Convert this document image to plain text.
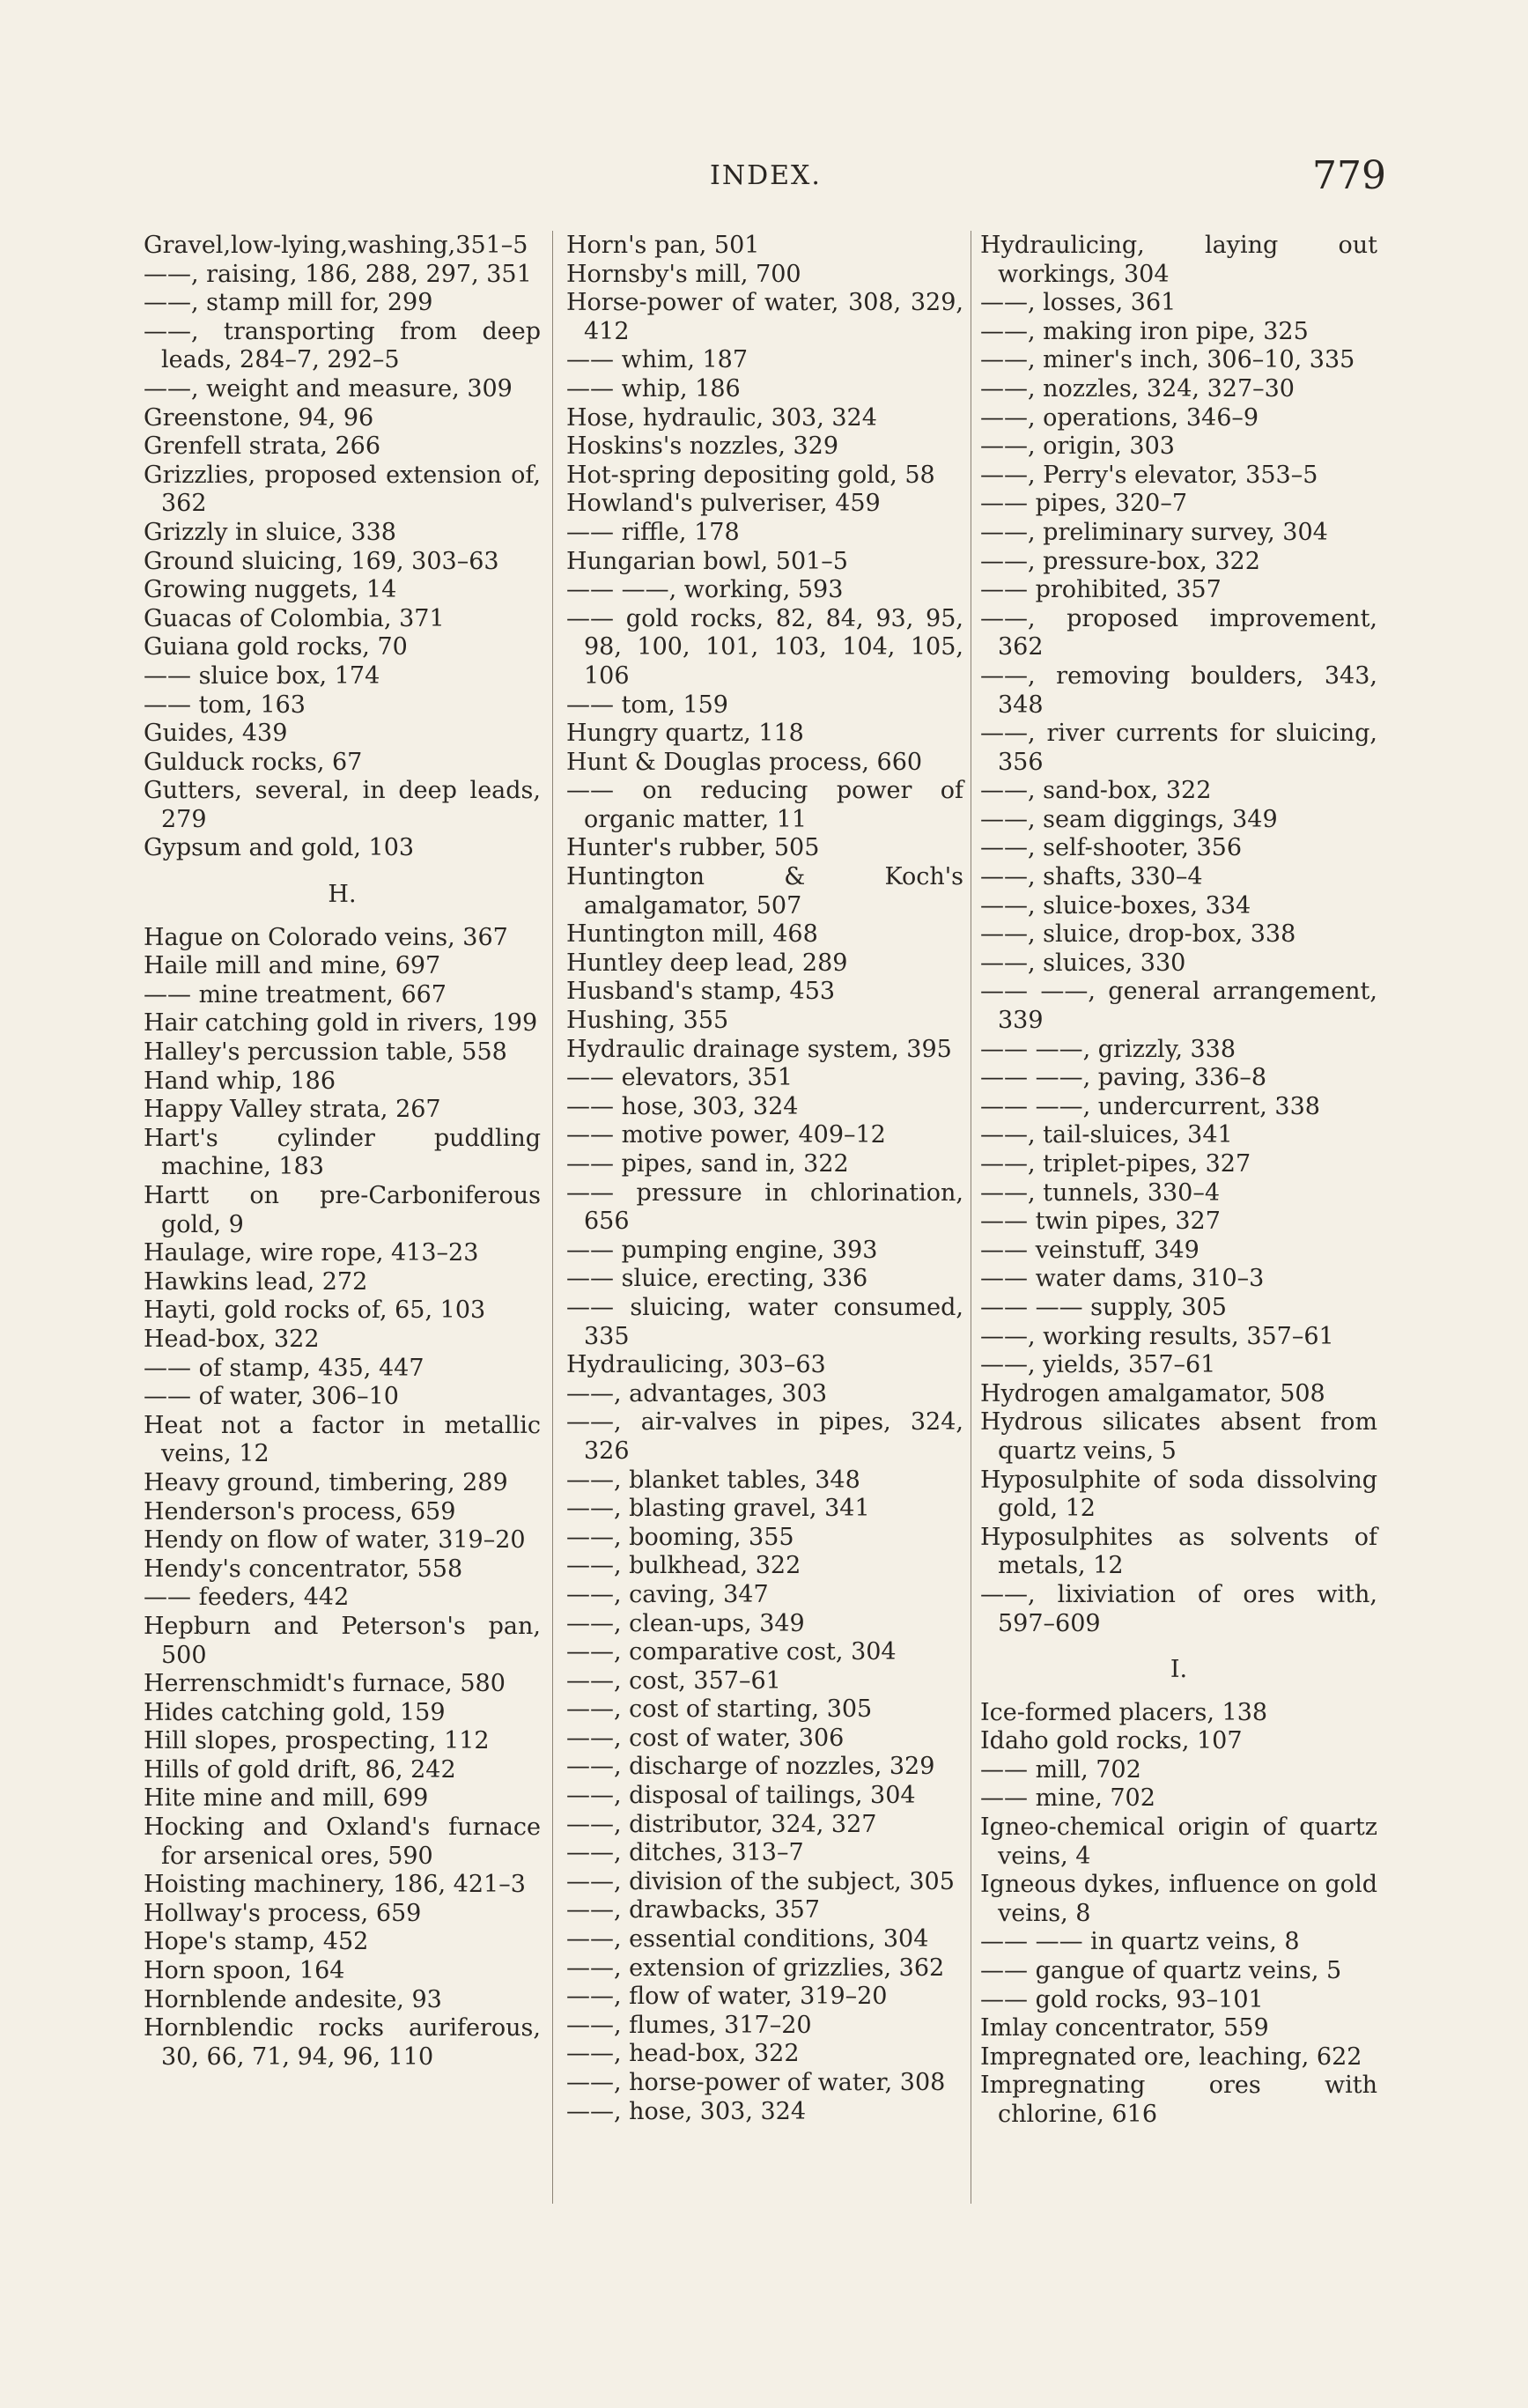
INDEX.	779
Gravel,low-lying,washing,351–5
——, raising, 186, 288, 297, 351
——, stamp mill for, 299
——, transporting from deep leads, 284–7, 292–5
——, weight and measure, 309
Greenstone, 94, 96
Grenfell strata, 266
Grizzlies, proposed extension of, 362
Grizzly in sluice, 338
Ground sluicing, 169, 303–63
Growing nuggets, 14
Guacas of Colombia, 371
Guiana gold rocks, 70
—— sluice box, 174
—— tom, 163
Guides, 439
Gulduck rocks, 67
Gutters, several, in deep leads, 279
Gypsum and gold, 103
H.
Hague on Colorado veins, 367
Haile mill and mine, 697
—— mine treatment, 667
Hair catching gold in rivers, 199
Halley's percussion table, 558
Hand whip, 186
Happy Valley strata, 267
Hart's cylinder puddling machine, 183
Hartt on pre-Carboniferous gold, 9
Haulage, wire rope, 413–23
Hawkins lead, 272
Hayti, gold rocks of, 65, 103
Head-box, 322
—— of stamp, 435, 447
—— of water, 306–10
Heat not a factor in metallic veins, 12
Heavy ground, timbering, 289
Henderson's process, 659
Hendy on flow of water, 319–20
Hendy's concentrator, 558
—— feeders, 442
Hepburn and Peterson's pan, 500
Herrenschmidt's furnace, 580
Hides catching gold, 159
Hill slopes, prospecting, 112
Hills of gold drift, 86, 242
Hite mine and mill, 699
Hocking and Oxland's furnace for arsenical ores, 590
Hoisting machinery, 186, 421–3
Hollway's process, 659
Hope's stamp, 452
Horn spoon, 164
Hornblende andesite, 93
Hornblendic rocks auriferous, 30, 66, 71, 94, 96, 110
Horn's pan, 501
Hornsby's mill, 700
Horse-power of water, 308, 329, 412
—— whim, 187
—— whip, 186
Hose, hydraulic, 303, 324
Hoskins's nozzles, 329
Hot-spring depositing gold, 58
Howland's pulveriser, 459
—— riffle, 178
Hungarian bowl, 501–5
—— ——, working, 593
—— gold rocks, 82, 84, 93, 95, 98, 100, 101, 103, 104, 105, 106
—— tom, 159
Hungry quartz, 118
Hunt & Douglas process, 660
—— on reducing power of organic matter, 11
Hunter's rubber, 505
Huntington & Koch's amalgamator, 507
Huntington mill, 468
Huntley deep lead, 289
Husband's stamp, 453
Hushing, 355
Hydraulic drainage system, 395
—— elevators, 351
—— hose, 303, 324
—— motive power, 409–12
—— pipes, sand in, 322
—— pressure in chlorination, 656
—— pumping engine, 393
—— sluice, erecting, 336
—— sluicing, water consumed, 335
Hydraulicing, 303–63
——, advantages, 303
——, air-valves in pipes, 324, 326
——, blanket tables, 348
——, blasting gravel, 341
——, booming, 355
——, bulkhead, 322
——, caving, 347
——, clean-ups, 349
——, comparative cost, 304
——, cost, 357–61
——, cost of starting, 305
——, cost of water, 306
——, discharge of nozzles, 329
——, disposal of tailings, 304
——, distributor, 324, 327
——, ditches, 313–7
——, division of the subject, 305
——, drawbacks, 357
——, essential conditions, 304
——, extension of grizzlies, 362
——, flow of water, 319–20
——, flumes, 317–20
——, head-box, 322
——, horse-power of water, 308
——, hose, 303, 324
Hydraulicing, laying out workings, 304
——, losses, 361
——, making iron pipe, 325
——, miner's inch, 306–10, 335
——, nozzles, 324, 327–30
——, operations, 346–9
——, origin, 303
——, Perry's elevator, 353–5
—— pipes, 320–7
——, preliminary survey, 304
——, pressure-box, 322
—— prohibited, 357
——, proposed improvement, 362
——, removing boulders, 343, 348
——, river currents for sluicing, 356
——, sand-box, 322
——, seam diggings, 349
——, self-shooter, 356
——, shafts, 330–4
——, sluice-boxes, 334
——, sluice, drop-box, 338
——, sluices, 330
—— ——, general arrangement, 339
—— ——, grizzly, 338
—— ——, paving, 336–8
—— ——, undercurrent, 338
——, tail-sluices, 341
——, triplet-pipes, 327
——, tunnels, 330–4
—— twin pipes, 327
—— veinstuff, 349
—— water dams, 310–3
—— —— supply, 305
——, working results, 357–61
——, yields, 357–61
Hydrogen amalgamator, 508
Hydrous silicates absent from quartz veins, 5
Hyposulphite of soda dissolving gold, 12
Hyposulphites as solvents of metals, 12
——, lixiviation of ores with, 597–609
I.
Ice-formed placers, 138
Idaho gold rocks, 107
—— mill, 702
—— mine, 702
Igneo-chemical origin of quartz veins, 4
Igneous dykes, influence on gold veins, 8
—— —— in quartz veins, 8
—— gangue of quartz veins, 5
—— gold rocks, 93–101
Imlay concentrator, 559
Impregnated ore, leaching, 622
Impregnating ores with chlorine, 616
